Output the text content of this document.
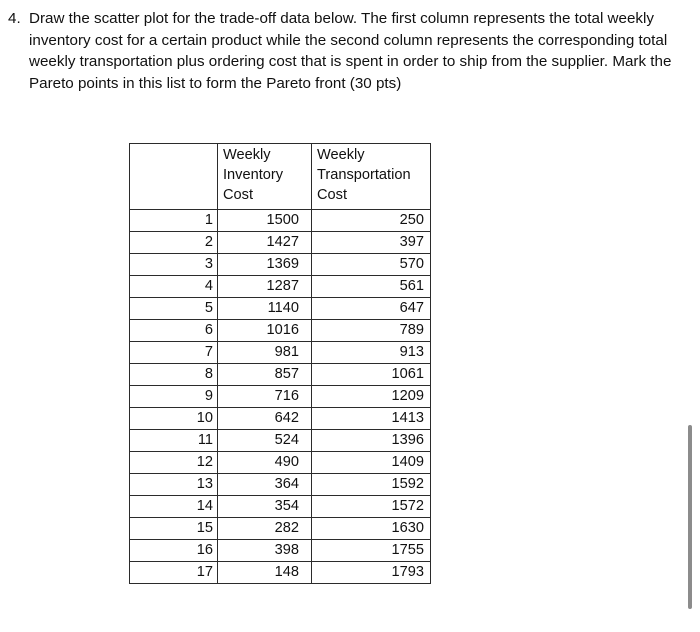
4. Draw the scatter plot for the trade-off data below. The first column represents the total weekly inventory cost for a certain product while the second column represents the corresponding total weekly transportation plus ordering cost that is spent in order to ship from the supplier. Mark the Pareto points in this list to form the Pareto front (30 pts)
	Weekly Inventory Cost	Weekly Transportation Cost
1	1500	250
2	1427	397
3	1369	570
4	1287	561
5	1140	647
6	1016	789
7	981	913
8	857	1061
9	716	1209
10	642	1413
11	524	1396
12	490	1409
13	364	1592
14	354	1572
15	282	1630
16	398	1755
17	148	1793
